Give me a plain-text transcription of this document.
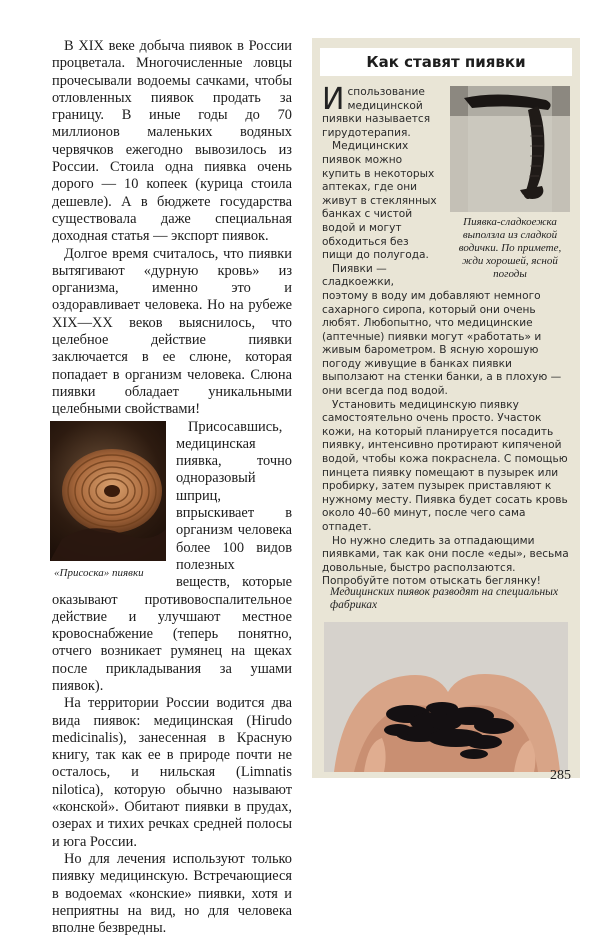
В XIX веке добыча пиявок в России процветала. Многочисленные ловцы прочесывали водоемы сачками, чтобы отловленных пиявок продать за границу. В иные годы до 70 миллионов маленьких водяных червячков ежегодно вывозилось из России. Стоила одна пиявка очень дорого — 10 копеек (курица стоила дешевле). А в бюджете государства существовала даже специальная доходная статья — экспорт пиявок.

Долгое время считалось, что пиявки вытягивают «дурную кровь» из организма, именно это и оздоравливает человека. Но на рубеже XIX—XX веков выяснилось, что целебное действие пиявки заключается в ее слюне, которая попадает в организм человека. Слюна пиявки обладает уникальными целебными свойствами!

«Присоска» пиявки

Присосавшись, медицинская пиявка, точно одноразовый шприц, впрыскивает в организм человека более 100 видов полезных веществ, которые оказывают противовоспалительное действие и улучшают местное кровоснабжение (теперь понятно, отчего возникает румянец на щеках после прикладывания за ушами пиявок).

На территории России водится два вида пиявок: медицинская (Hirudo medicinalis), занесенная в Красную книгу, так как ее в природе почти не осталось, и нильская (Limnatis nilotica), которую обычно называют «конской». Обитают пиявки в прудах, озерах и тихих речках средней полосы и юга России.

Но для лечения используют только пиявку медицинскую. Встречающиеся в водоемах «конские» пиявки, хотя и неприятны на вид, но для человека вполне безвредны.

Как ставят пиявки
Пиявка-сладкоежка выползла из сладкой водички. По примете, жди хорошей, ясной погоды

Использование медицинской пиявки называется гирудотерапия.

Медицинских пиявок можно купить в некоторых аптеках, где они живут в стеклянных банках с чистой водой и могут обходиться без пищи до полугода.

Пиявки — сладкоежки, поэтому в воду им добавляют немного сахарного сиропа, который они очень любят. Любопытно, что медицинские (аптечные) пиявки могут «работать» и живым барометром. В ясную хорошую погоду живущие в банках пиявки выползают на стенки банки, а в плохую — они всегда под водой.

Установить медицинскую пиявку самостоятельно очень просто. Участок кожи, на который планируется посадить пиявку, интенсивно протирают кипяченой водой, чтобы кожа покраснела. С помощью пинцета пиявку помещают в пузырек или пробирку, затем пузырек приставляют к нужному месту. Пиявка будет сосать кровь около 40–60 минут, после чего сама отпадет.

Но нужно следить за отпадающими пиявками, так как они после «еды», весьма довольные, быстро расползаются. Попробуйте потом отыскать беглянку!

Медицинских пиявок разводят на специальных фабриках
285
